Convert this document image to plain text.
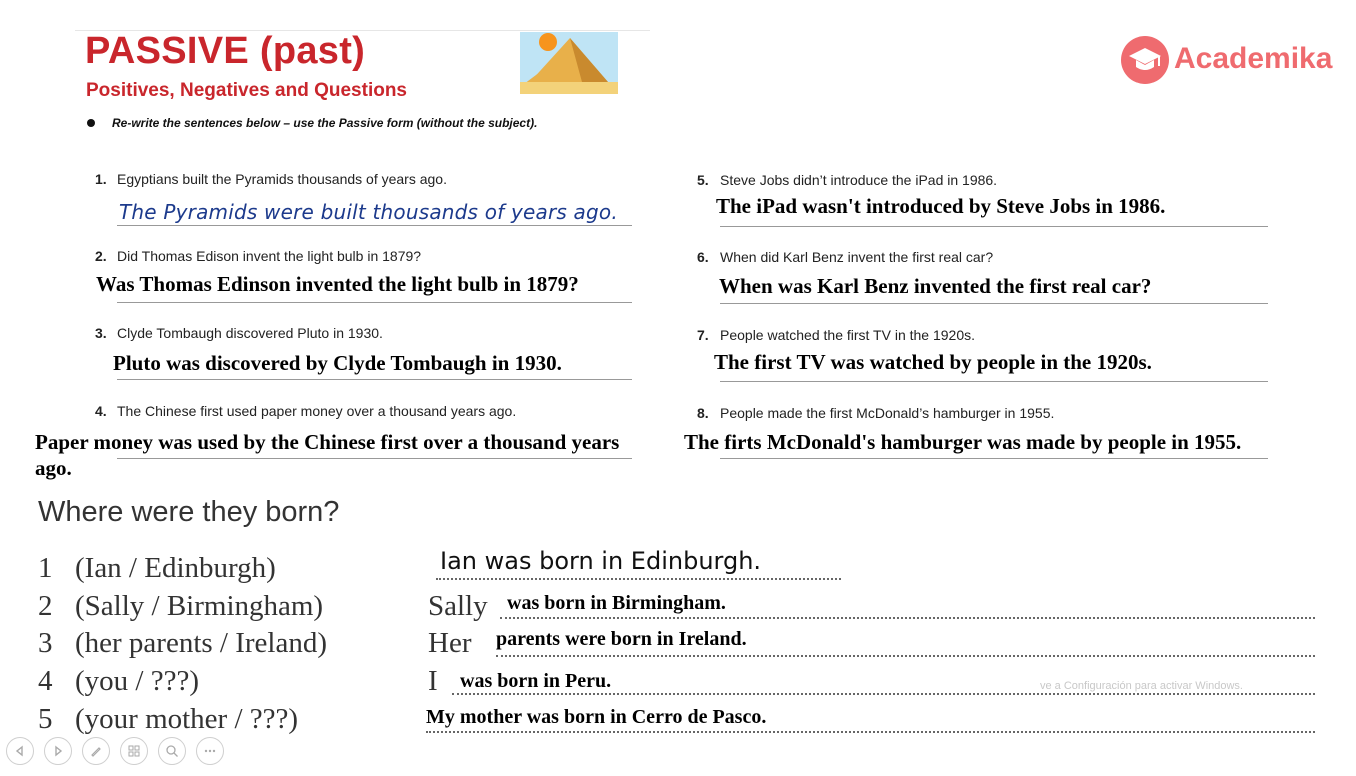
PASSIVE (past)
Positives, Negatives and Questions
Academika
Re-write the sentences below – use the Passive form (without the subject).
1. Egyptians built the Pyramids thousands of years ago.
The Pyramids were built thousands of years ago.
2. Did Thomas Edison invent the light bulb in 1879?
Was Thomas Edinson invented the light bulb in 1879?
3. Clyde Tombaugh discovered Pluto in 1930.
Pluto was discovered by Clyde Tombaugh in 1930.
4. The Chinese first used paper money over a thousand years ago.
Paper money was used by the Chinese first over a thousand years ago.
5. Steve Jobs didn’t introduce the iPad in 1986.
The iPad wasn't introduced by Steve Jobs in 1986.
6. When did Karl Benz invent the first real car?
When was Karl Benz invented the first real car?
7. People watched the first TV in the 1920s.
The first TV was watched by people in the 1920s.
8. People made the first McDonald’s hamburger in 1955.
The firts McDonald's hamburger was made by people in 1955.
Where were they born?
1 (Ian / Edinburgh)	Ian was born in Edinburgh.
2 (Sally / Birmingham)	Sally was born in Birmingham.
3 (her parents / Ireland)	Her parents were born in Ireland.
4 (you / ???)	I was born in Peru.	ve a Configuración para activar Windows.
5 (your mother / ???)	My mother was born in Cerro de Pasco.
